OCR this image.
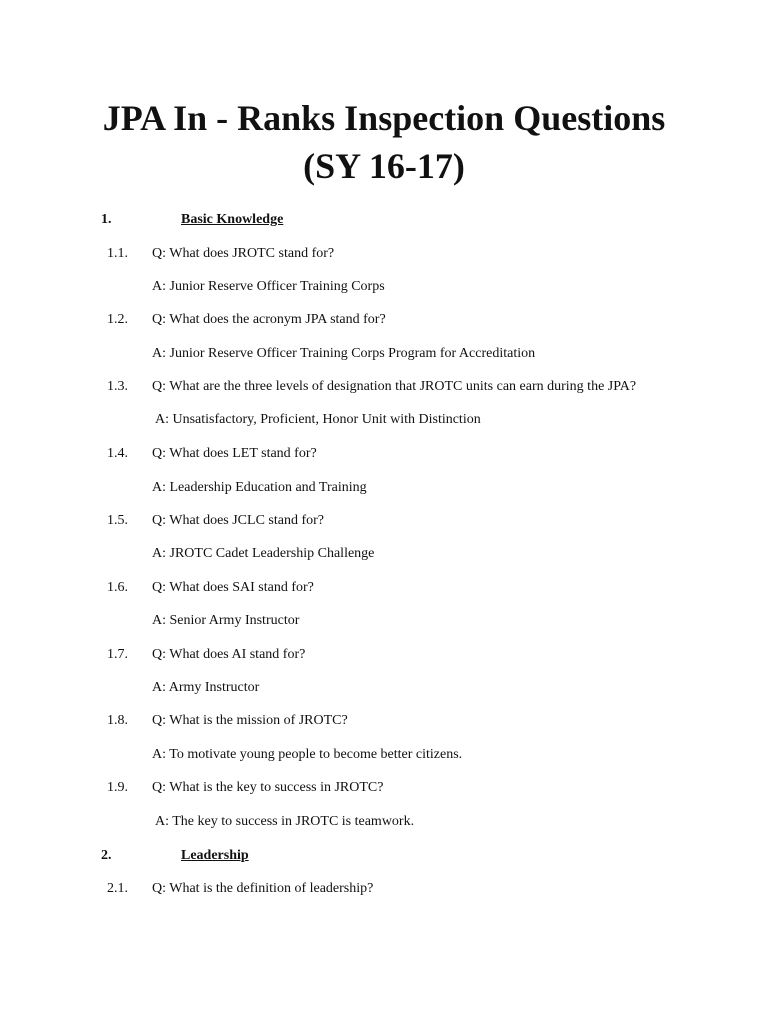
JPA In - Ranks Inspection Questions
(SY 16-17)
1.	Basic Knowledge
1.1. Q: What does JROTC stand for?
A: Junior Reserve Officer Training Corps
1.2. Q: What does the acronym JPA stand for?
A: Junior Reserve Officer Training Corps Program for Accreditation
1.3. Q: What are the three levels of designation that JROTC units can earn during the JPA?
A: Unsatisfactory, Proficient, Honor Unit with Distinction
1.4. Q: What does LET stand for?
A: Leadership Education and Training
1.5. Q: What does JCLC stand for?
A: JROTC Cadet Leadership Challenge
1.6. Q: What does SAI stand for?
A: Senior Army Instructor
1.7. Q: What does AI stand for?
A: Army Instructor
1.8. Q: What is the mission of JROTC?
A: To motivate young people to become better citizens.
1.9. Q: What is the key to success in JROTC?
A: The key to success in JROTC is teamwork.
2.	Leadership
2.1. Q: What is the definition of leadership?
